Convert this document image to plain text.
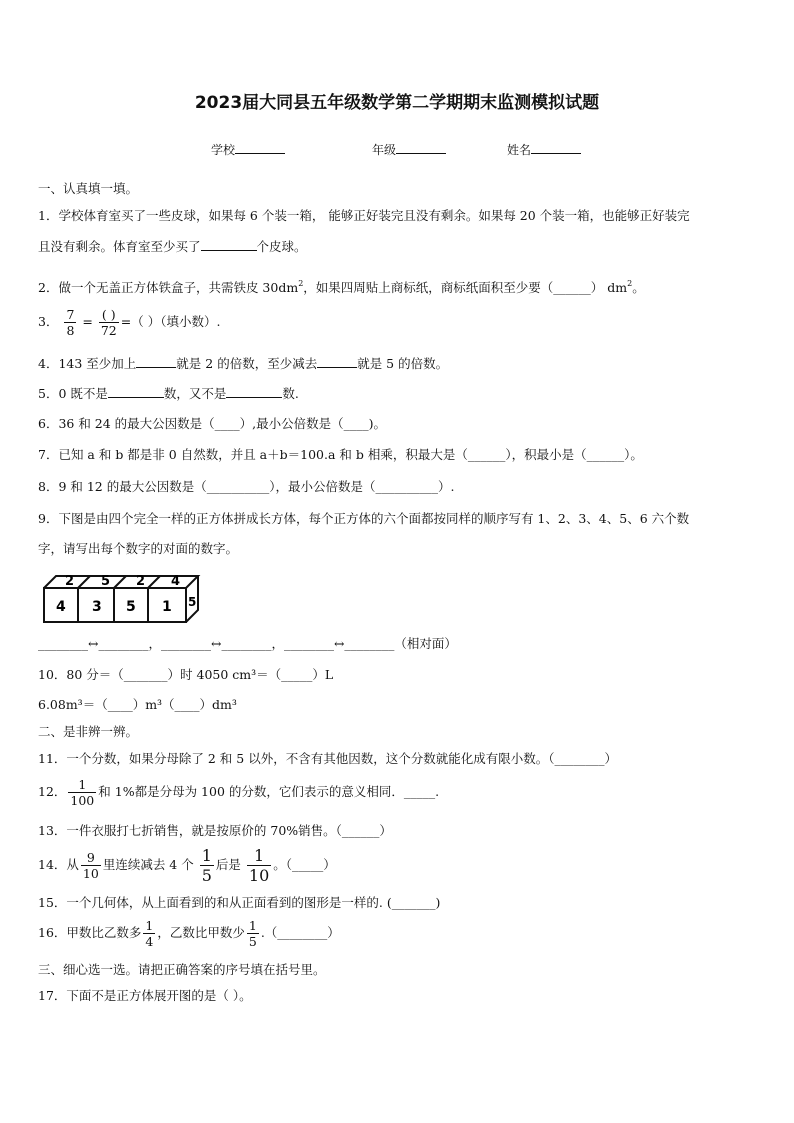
2023届大同县五年级数学第二学期期末监测模拟试题
学校	年级	姓名
一、认真填一填。
1．学校体育室买了一些皮球，如果每 6 个装一箱， 能够正好装完且没有剩余。如果每 20 个装一箱，也能够正好装完
且没有剩余。体育室至少买了	个皮球。
2．做一个无盖正方体铁盒子，共需铁皮 $30dm^2$，如果四周贴上商标纸，商标纸面积至少要（______） $dm^2$。
3． $\frac{7}{8} = \frac{( )}{72}$ =（ ）（填小数）.
4．143 至少加上	就是 2 的倍数，至少减去	就是 5 的倍数。
5．0 既不是	数，又不是	数.
6．36 和 24 的最大公因数是（____）,最小公倍数是（____)。
7．已知 a 和 b 都是非 0 自然数，并且 a＋b＝100.a 和 b 相乘，积最大是（______），积最小是（______）。
8．9 和 12 的最大公因数是（__________），最小公倍数是（__________）.
9．下图是由四个完全一样的正方体拼成长方体，每个正方体的六个面都按同样的顺序写有 1、2、3、4、5、6 六个数
字，请写出每个数字的对面的数字。
2 5 2 4
4 3 5 1 5
________↔________，________↔________，________↔________（相对面）
10．80 分＝（_______）时 4050 cm³＝（_____）L
6.08m³＝（____）m³（____）dm³
二、是非辨一辨。
11．一个分数，如果分母除了 2 和 5 以外，不含有其他因数，这个分数就能化成有限小数。（________）
12． $\frac{1}{100}$ 和 1%都是分母为 100 的分数，它们表示的意义相同．_____.
13．一件衣服打七折销售，就是按原价的 70%销售。（______）
14．从 $\frac{9}{10}$ 里连续减去 4 个 $\frac{1}{5}$ 后是 $\frac{1}{10}$ 。（_____）
15．一个几何体，从上面看到的和从正面看到的图形是一样的. (_______)
16．甲数比乙数多 $\frac{1}{4}$ ，乙数比甲数少 $\frac{1}{5}$ .（________）
三、细心选一选。请把正确答案的序号填在括号里。
17．下面不是正方体展开图的是（ ）。
